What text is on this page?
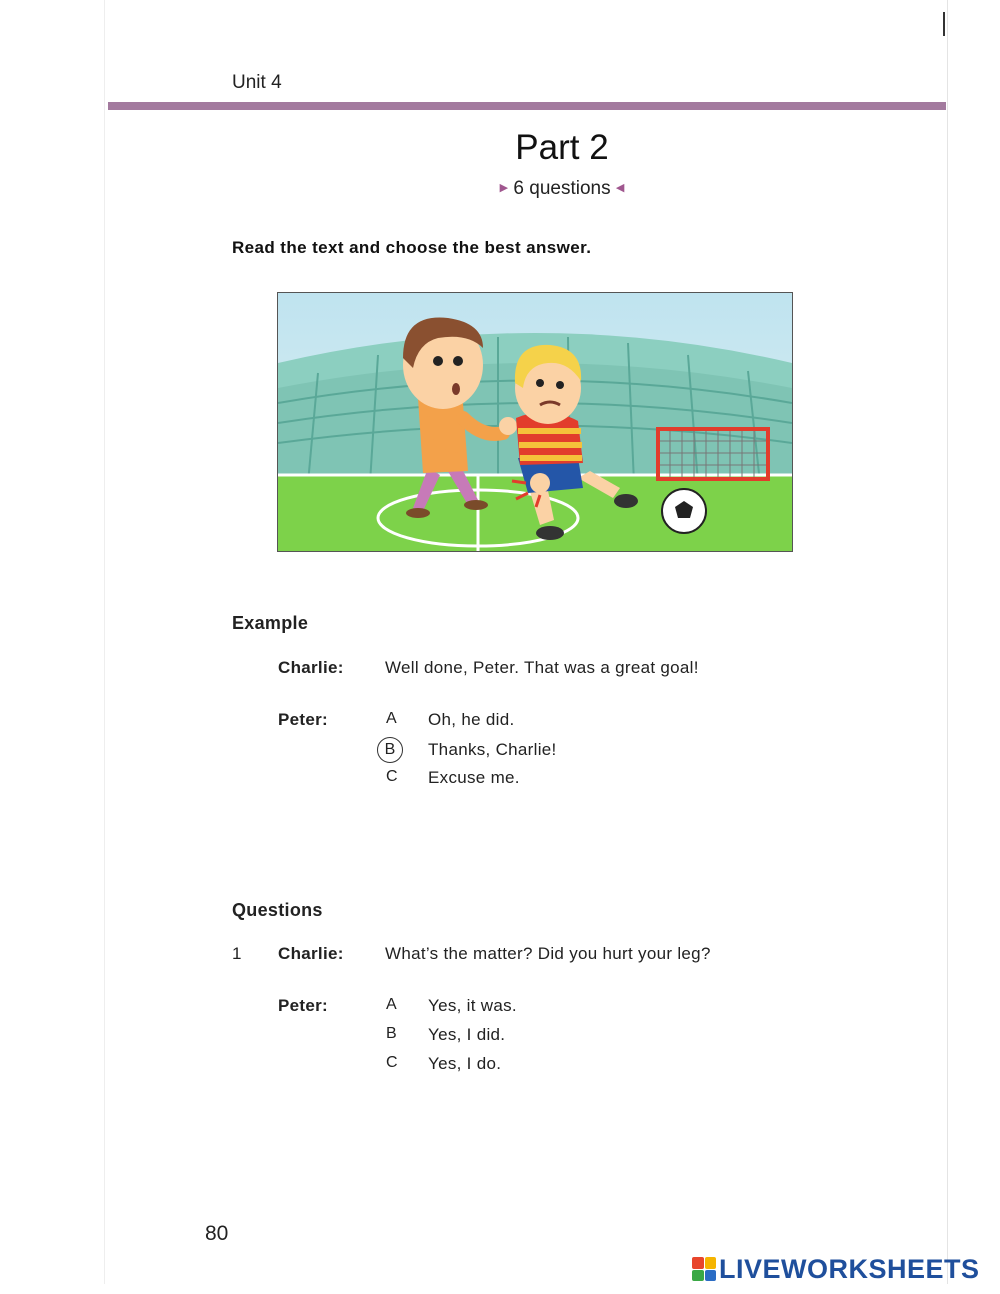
Unit 4
Part 2
▶ 6 questions ◀
Read the text and choose the best answer.
Example
Charlie: Well done, Peter. That was a great goal!
Peter:	A Oh, he did.
B	Thanks, Charlie!
C Excuse me.
Questions
1 Charlie: What’s the matter? Did you hurt your leg?
Peter:	A Yes, it was.
B Yes, I did.
C Yes, I do.
80
LIVEWORKSHEETS
